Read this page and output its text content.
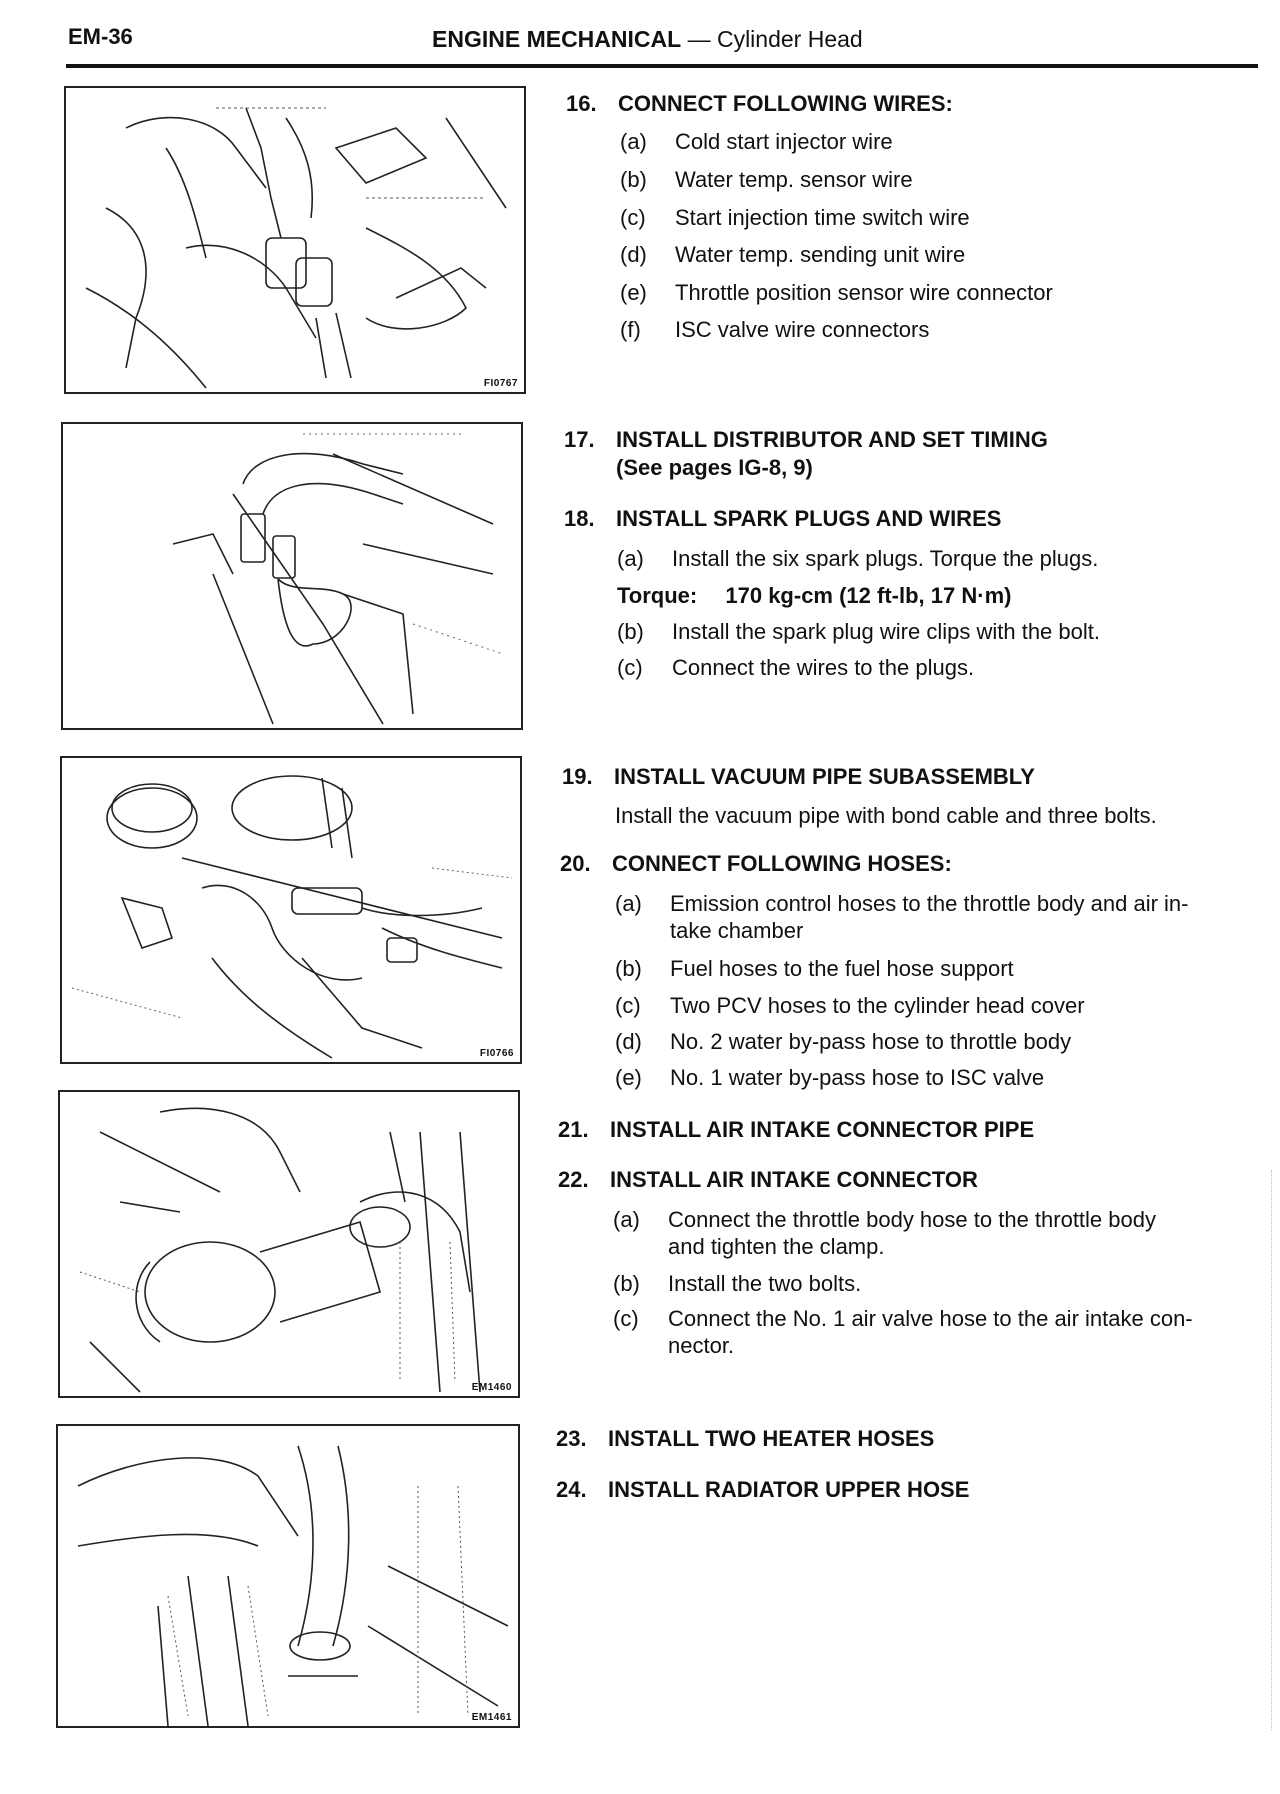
EM-36	ENGINE MECHANICAL — Cylinder Head
FI0767
FI0766
EM1460
EM1461
16. CONNECT FOLLOWING WIRES:
(a) Cold start injector wire
(b) Water temp. sensor wire
(c) Start injection time switch wire
(d) Water temp. sending unit wire
(e) Throttle position sensor wire connector
(f) ISC valve wire connectors
17. INSTALL DISTRIBUTOR AND SET TIMING
(See pages IG-8, 9)
18. INSTALL SPARK PLUGS AND WIRES
(a) Install the six spark plugs. Torque the plugs.
Torque: 170 kg-cm (12 ft-lb, 17 N·m)
(b) Install the spark plug wire clips with the bolt.
(c) Connect the wires to the plugs.
19. INSTALL VACUUM PIPE SUBASSEMBLY
Install the vacuum pipe with bond cable and three bolts.
20. CONNECT FOLLOWING HOSES:
(a) Emission control hoses to the throttle body and air in-
take chamber
(b) Fuel hoses to the fuel hose support
(c) Two PCV hoses to the cylinder head cover
(d) No. 2 water by-pass hose to throttle body
(e) No. 1 water by-pass hose to ISC valve
21. INSTALL AIR INTAKE CONNECTOR PIPE
22. INSTALL AIR INTAKE CONNECTOR
(a) Connect the throttle body hose to the throttle body
and tighten the clamp.
(b) Install the two bolts.
(c) Connect the No. 1 air valve hose to the air intake con-
nector.
23. INSTALL TWO HEATER HOSES
24. INSTALL RADIATOR UPPER HOSE
